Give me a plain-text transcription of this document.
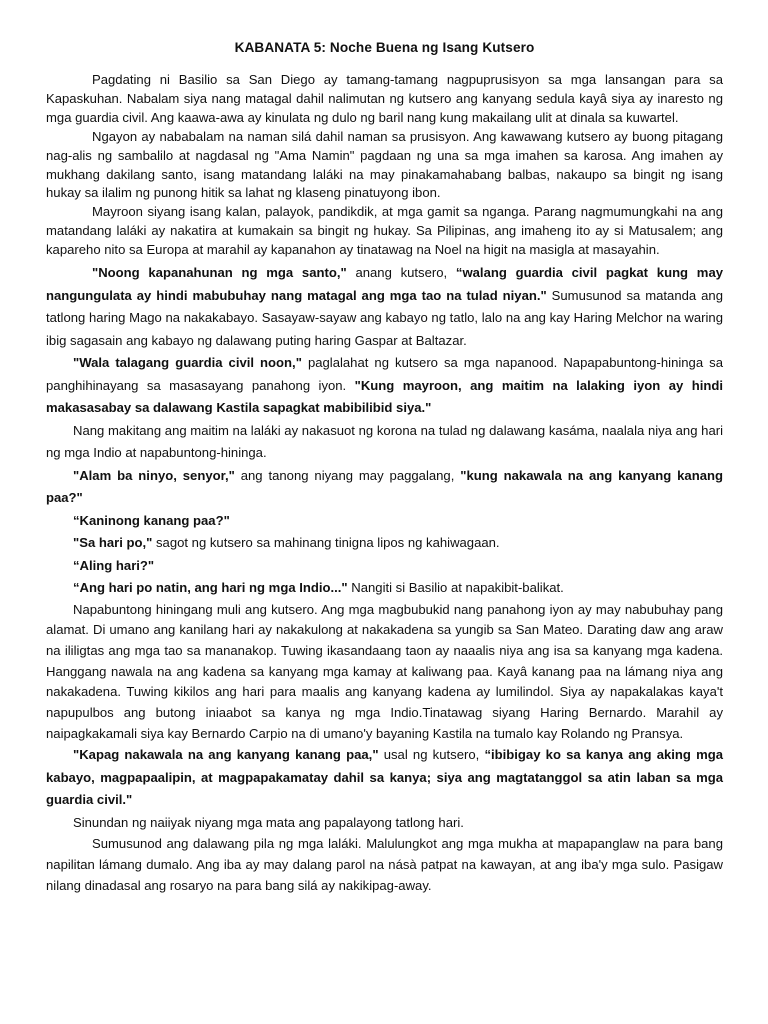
KABANATA 5: Noche Buena ng Isang Kutsero

Pagdating ni Basilio sa San Diego ay tamang-tamang nagpuprusisyon sa mga lansangan para sa Kapaskuhan. Nabalam siya nang matagal dahil nalimutan ng kutsero ang kanyang sedula kayâ siya ay inaresto ng mga guardia civil. Ang kaawa-awa ay kinulata ng dulo ng baril nang kung makailang ulit at dinala sa kuwartel.

Ngayon ay nababalam na naman silá dahil naman sa prusisyon. Ang kawawang kutsero ay buong pitagang nag-alis ng sambalilo at nagdasal ng "Ama Namin" pagdaan ng una sa mga imahen sa karosa. Ang imahen ay mukhang dakilang santo, isang matandang laláki na may pinakamahabang balbas, nakaupo sa bingit ng isang hukay sa ilalim ng punong hitik sa lahat ng klaseng pinatuyong ibon.

Mayroon siyang isang kalan, palayok, pandikdik, at mga gamit sa nganga. Parang nagmumungkahi na ang matandang laláki ay nakatira at kumakain sa bingit ng hukay. Sa Pilipinas, ang imaheng ito ay si Matusalem; ang kapareho nito sa Europa at marahil ay kapanahon ay tinatawag na Noel na higit na masigla at masayahin.

"Noong kapanahunan ng mga santo," anang kutsero, “walang guardia civil pagkat kung may nangungulata ay hindi mabubuhay nang matagal ang mga tao na tulad niyan." Sumusunod sa matanda ang tatlong haring Mago na nakakabayo. Sasayaw-sayaw ang kabayo ng tatlo, lalo na ang kay Haring Melchor na waring ibig sagasain ang kabayo ng dalawang puting haring Gaspar at Baltazar.

"Wala talagang guardia civil noon," paglalahat ng kutsero sa mga napanood. Napapabuntong-hininga sa panghihinayang sa masasayang panahong iyon. "Kung mayroon, ang maitim na lalaking iyon ay hindi makasasabay sa dalawang Kastila sapagkat mabibilibid siya."

Nang makitang ang maitim na laláki ay nakasuot ng korona na tulad ng dalawang kasáma, naalala niya ang hari ng mga Indio at napabuntong-hininga.

"Alam ba ninyo, senyor," ang tanong niyang may paggalang, "kung nakawala na ang kanyang kanang paa?"

“Kaninong kanang paa?"

"Sa hari po," sagot ng kutsero sa mahinang tinigna lipos ng kahiwagaan.

“Aling hari?"

“Ang hari po natin, ang hari ng mga Indio..." Nangiti si Basilio at napakibit-balikat.

Napabuntong hiningang muli ang kutsero. Ang mga magbubukid nang panahong iyon ay may nabubuhay pang alamat. Di umano ang kanilang hari ay nakakulong at nakakadena sa yungib sa San Mateo. Darating daw ang araw na ililigtas ang mga tao sa mananakop. Tuwing ikasandaang taon ay naaalis niya ang isa sa kanyang mga kadena. Hanggang nawala na ang kadena sa kanyang mga kamay at kaliwang paa. Kayâ kanang paa na lámang niya ang nakakadena. Tuwing kikilos ang hari para maalis ang kanyang kadena ay lumilindol. Siya ay napakalakas kaya't napupulbos ang butong iniaabot sa kanya ng mga Indio.Tinatawag siyang Haring Bernardo. Marahil ay naipagkakamali siya kay Bernardo Carpio na di umano'y bayaning Kastila na tumalo kay Rolando ng Pransya.

"Kapag nakawala na ang kanyang kanang paa," usal ng kutsero, “ibibigay ko sa kanya ang aking mga kabayo, magpapaalipin, at magpapakamatay dahil sa kanya; siya ang magtatanggol sa atin laban sa mga guardia civil."

Sinundan ng naiiyak niyang mga mata ang papalayong tatlong hari.

Sumusunod ang dalawang pila ng mga laláki. Malulungkot ang mga mukha at mapapanglaw na para bang napilitan lámang dumalo. Ang iba ay may dalang parol na násà patpat na kawayan, at ang iba'y mga sulo. Pasigaw nilang dinadasal ang rosaryo na para bang silá ay nakikipag-away.
